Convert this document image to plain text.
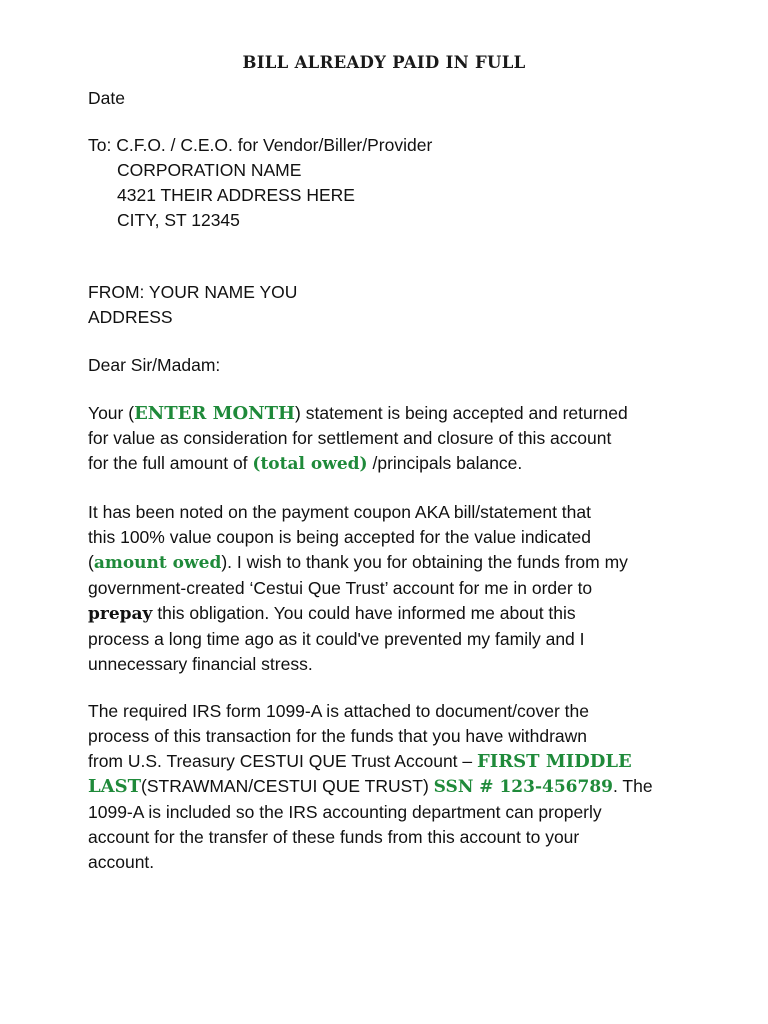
BILL ALREADY PAID IN FULL
Date
To: C.F.O. / C.E.O. for Vendor/Biller/Provider
CORPORATION NAME
4321 THEIR ADDRESS HERE
CITY, ST 12345
FROM: YOUR NAME YOU
ADDRESS
Dear Sir/Madam:
Your (ENTER MONTH) statement is being accepted and returned
for value as consideration for settlement and closure of this account
for the full amount of (total owed) /principals balance.
It has been noted on the payment coupon AKA bill/statement that
this 100% value coupon is being accepted for the value indicated
(amount owed). I wish to thank you for obtaining the funds from my
government-created ‘Cestui Que Trust’ account for me in order to
prepay this obligation. You could have informed me about this
process a long time ago as it could've prevented my family and I
unnecessary financial stress.
The required IRS form 1099-A is attached to document/cover the
process of this transaction for the funds that you have withdrawn
from U.S. Treasury CESTUI QUE Trust Account – FIRST MIDDLE
LAST(STRAWMAN/CESTUI QUE TRUST) SSN # 123-456789. The
1099-A is included so the IRS accounting department can properly
account for the transfer of these funds from this account to your
account.
